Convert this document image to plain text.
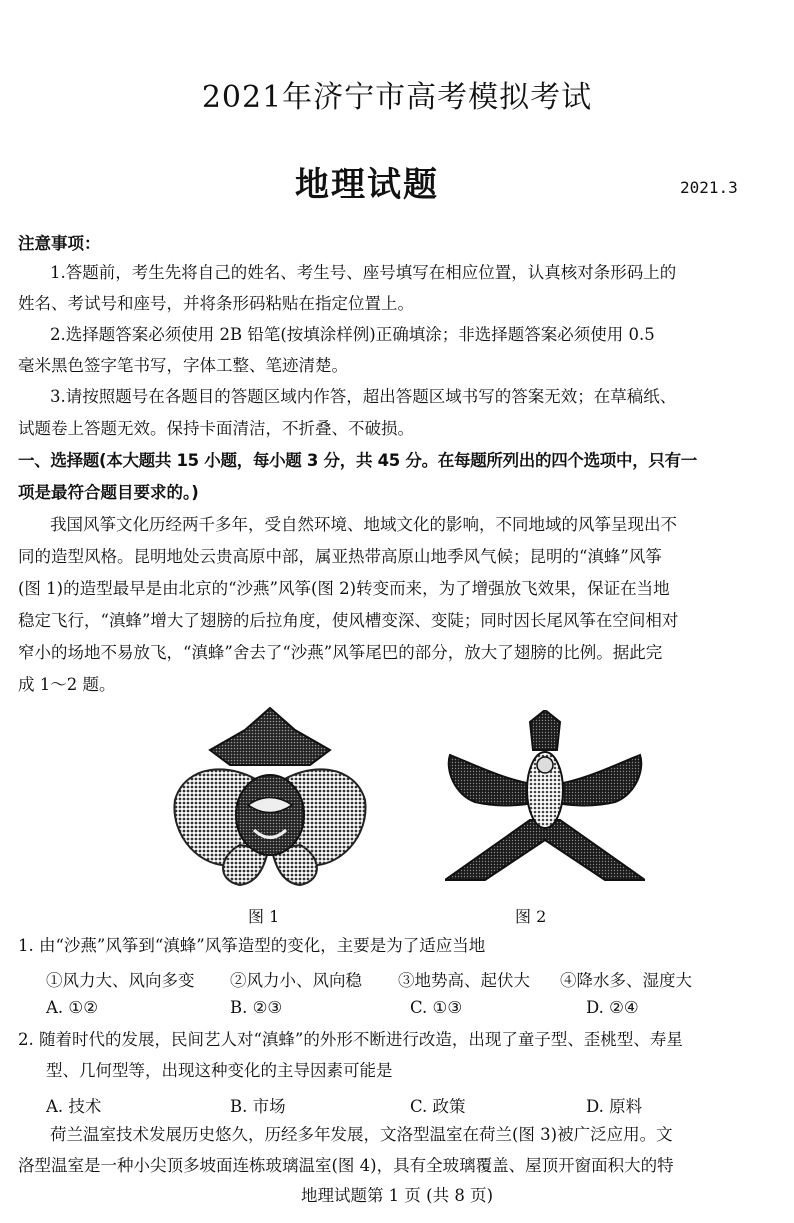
2021年济宁市高考模拟考试
地理试题	2021.3
注意事项：
1.答题前，考生先将自己的姓名、考生号、座号填写在相应位置，认真核对条形码上的
姓名、考试号和座号，并将条形码粘贴在指定位置上。
2.选择题答案必须使用 2B 铅笔(按填涂样例)正确填涂；非选择题答案必须使用 0.5
毫米黑色签字笔书写，字体工整、笔迹清楚。
3.请按照题号在各题目的答题区域内作答，超出答题区域书写的答案无效；在草稿纸、
试题卷上答题无效。保持卡面清洁，不折叠、不破损。
一、选择题(本大题共 15 小题，每小题 3 分，共 45 分。在每题所列出的四个选项中，只有一
项是最符合题目要求的。)
我国风筝文化历经两千多年，受自然环境、地域文化的影响，不同地域的风筝呈现出不
同的造型风格。昆明地处云贵高原中部，属亚热带高原山地季风气候；昆明的“滇蜂”风筝
(图 1)的造型最早是由北京的“沙燕”风筝(图 2)转变而来，为了增强放飞效果，保证在当地
稳定飞行，“滇蜂”增大了翅膀的后拉角度，使风槽变深、变陡；同时因长尾风筝在空间相对
窄小的场地不易放飞，“滇蜂”舍去了“沙燕”风筝尾巴的部分，放大了翅膀的比例。据此完
成 1～2 题。
图 1	图 2
1. 由“沙燕”风筝到“滇蜂”风筝造型的变化，主要是为了适应当地
①风力大、风向多变 ②风力小、风向稳 ③地势高、起伏大 ④降水多、湿度大
A. ①②	B. ②③	C. ①③	D. ②④
2. 随着时代的发展，民间艺人对“滇蜂”的外形不断进行改造，出现了童子型、歪桃型、寿星
型、几何型等，出现这种变化的主导因素可能是
A. 技术	B. 市场	C. 政策	D. 原料
荷兰温室技术发展历史悠久，历经多年发展，文洛型温室在荷兰(图 3)被广泛应用。文
洛型温室是一种小尖顶多坡面连栋玻璃温室(图 4)，具有全玻璃覆盖、屋顶开窗面积大的特
地理试题第 1 页 (共 8 页)
